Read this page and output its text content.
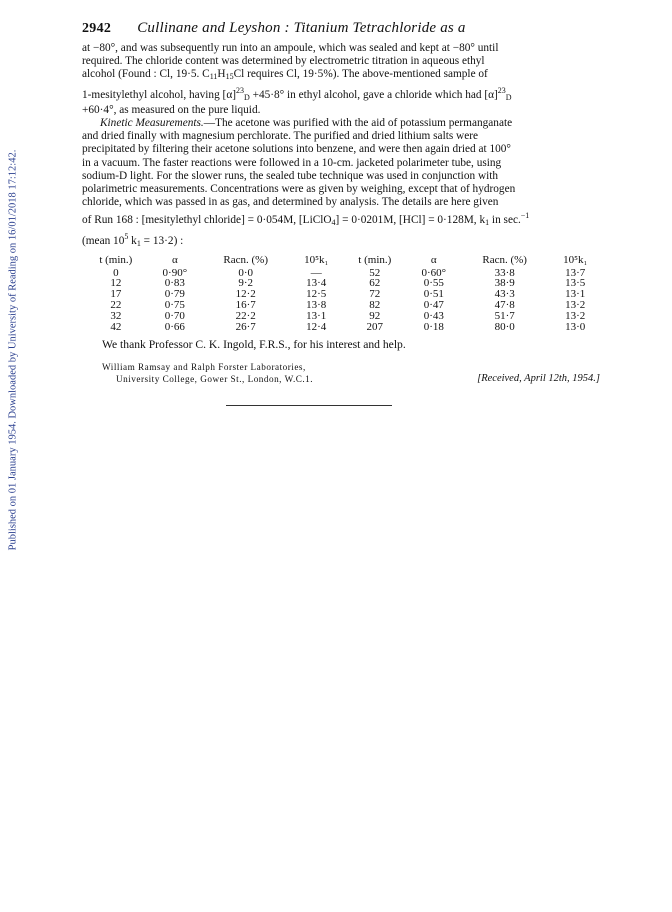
Published on 01 January 1954. Downloaded by University of Reading on 16/01/2018 17:12:42.
2942 Cullinane and Leyshon : Titanium Tetrachloride as a

at −80°, and was subsequently run into an ampoule, which was sealed and kept at −80° until

required. The chloride content was determined by electrometric titration in aqueous ethyl

alcohol (Found : Cl, 19·5. $C_{11}H_{15}Cl$ requires Cl, 19·5%). The above-mentioned sample of

1-mesitylethyl alcohol, having $[\alpha]^{23}_D +45\cdot 8^\circ$ in ethyl alcohol, gave a chloride which had $[\alpha]^{23}_D$

+60·4°, as measured on the pure liquid.

Kinetic Measurements.—The acetone was purified with the aid of potassium permanganate

and dried finally with magnesium perchlorate. The purified and dried lithium salts were

precipitated by filtering their acetone solutions into benzene, and were then again dried at 100°

in a vacuum. The faster reactions were followed in a 10-cm. jacketed polarimeter tube, using

sodium-D light. For the slower runs, the sealed tube technique was used in conjunction with

polarimetric measurements. Concentrations were as given by weighing, except that of hydrogen

chloride, which was passed in as gas, and determined by analysis. The details are here given

of Run 168 : [mesitylethyl chloride] = 0·054M, [LiClO$_4$] = 0·0201M, [HCl] = 0·128M, $k_1$ in sec.$^{-1}$

(mean $10^5$ $k_1 = 13\cdot 2$) :

t (min.)	α	Racn. (%)	10⁵k₁	t (min.)	α	Racn. (%)	10⁵k₁
0	0·90°	0·0	—	52	0·60°	33·8	13·7
12	0·83	9·2	13·4	62	0·55	38·9	13·5
17	0·79	12·2	12·5	72	0·51	43·3	13·1
22	0·75	16·7	13·8	82	0·47	47·8	13·2
32	0·70	22·2	13·1	92	0·43	51·7	13·2
42	0·66	26·7	12·4	207	0·18	80·0	13·0
We thank Professor C. K. Ingold, F.R.S., for his interest and help.
William Ramsay and Ralph Forster Laboratories,
University College, Gower St., London, W.C.1.	[Received, April 12th, 1954.]
